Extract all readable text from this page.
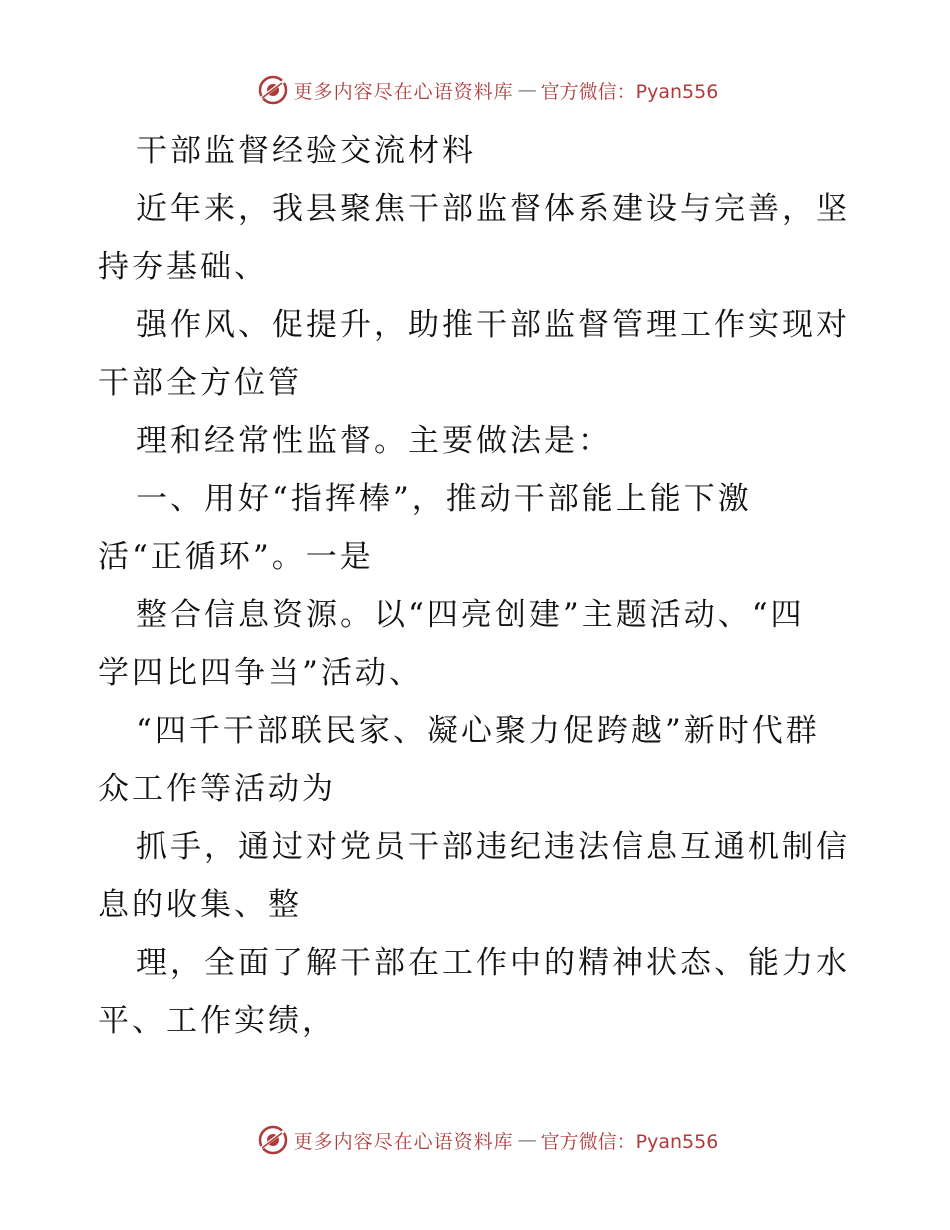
更多内容尽在心语资料库 — 官方微信：Pyan556
干部监督经验交流材料
近年来，我县聚焦干部监督体系建设与完善，坚
持夯基础、
强作风、促提升，助推干部监督管理工作实现对
干部全方位管
理和经常性监督。主要做法是：
一、用好“指挥棒”，推动干部能上能下激
活“正循环”。一是
整合信息资源。以“四亮创建”主题活动、“四
学四比四争当”活动、
“四千干部联民家、凝心聚力促跨越”新时代群
众工作等活动为
抓手，通过对党员干部违纪违法信息互通机制信
息的收集、整
理，全面了解干部在工作中的精神状态、能力水
平、工作实绩，
更多内容尽在心语资料库 — 官方微信：Pyan556
